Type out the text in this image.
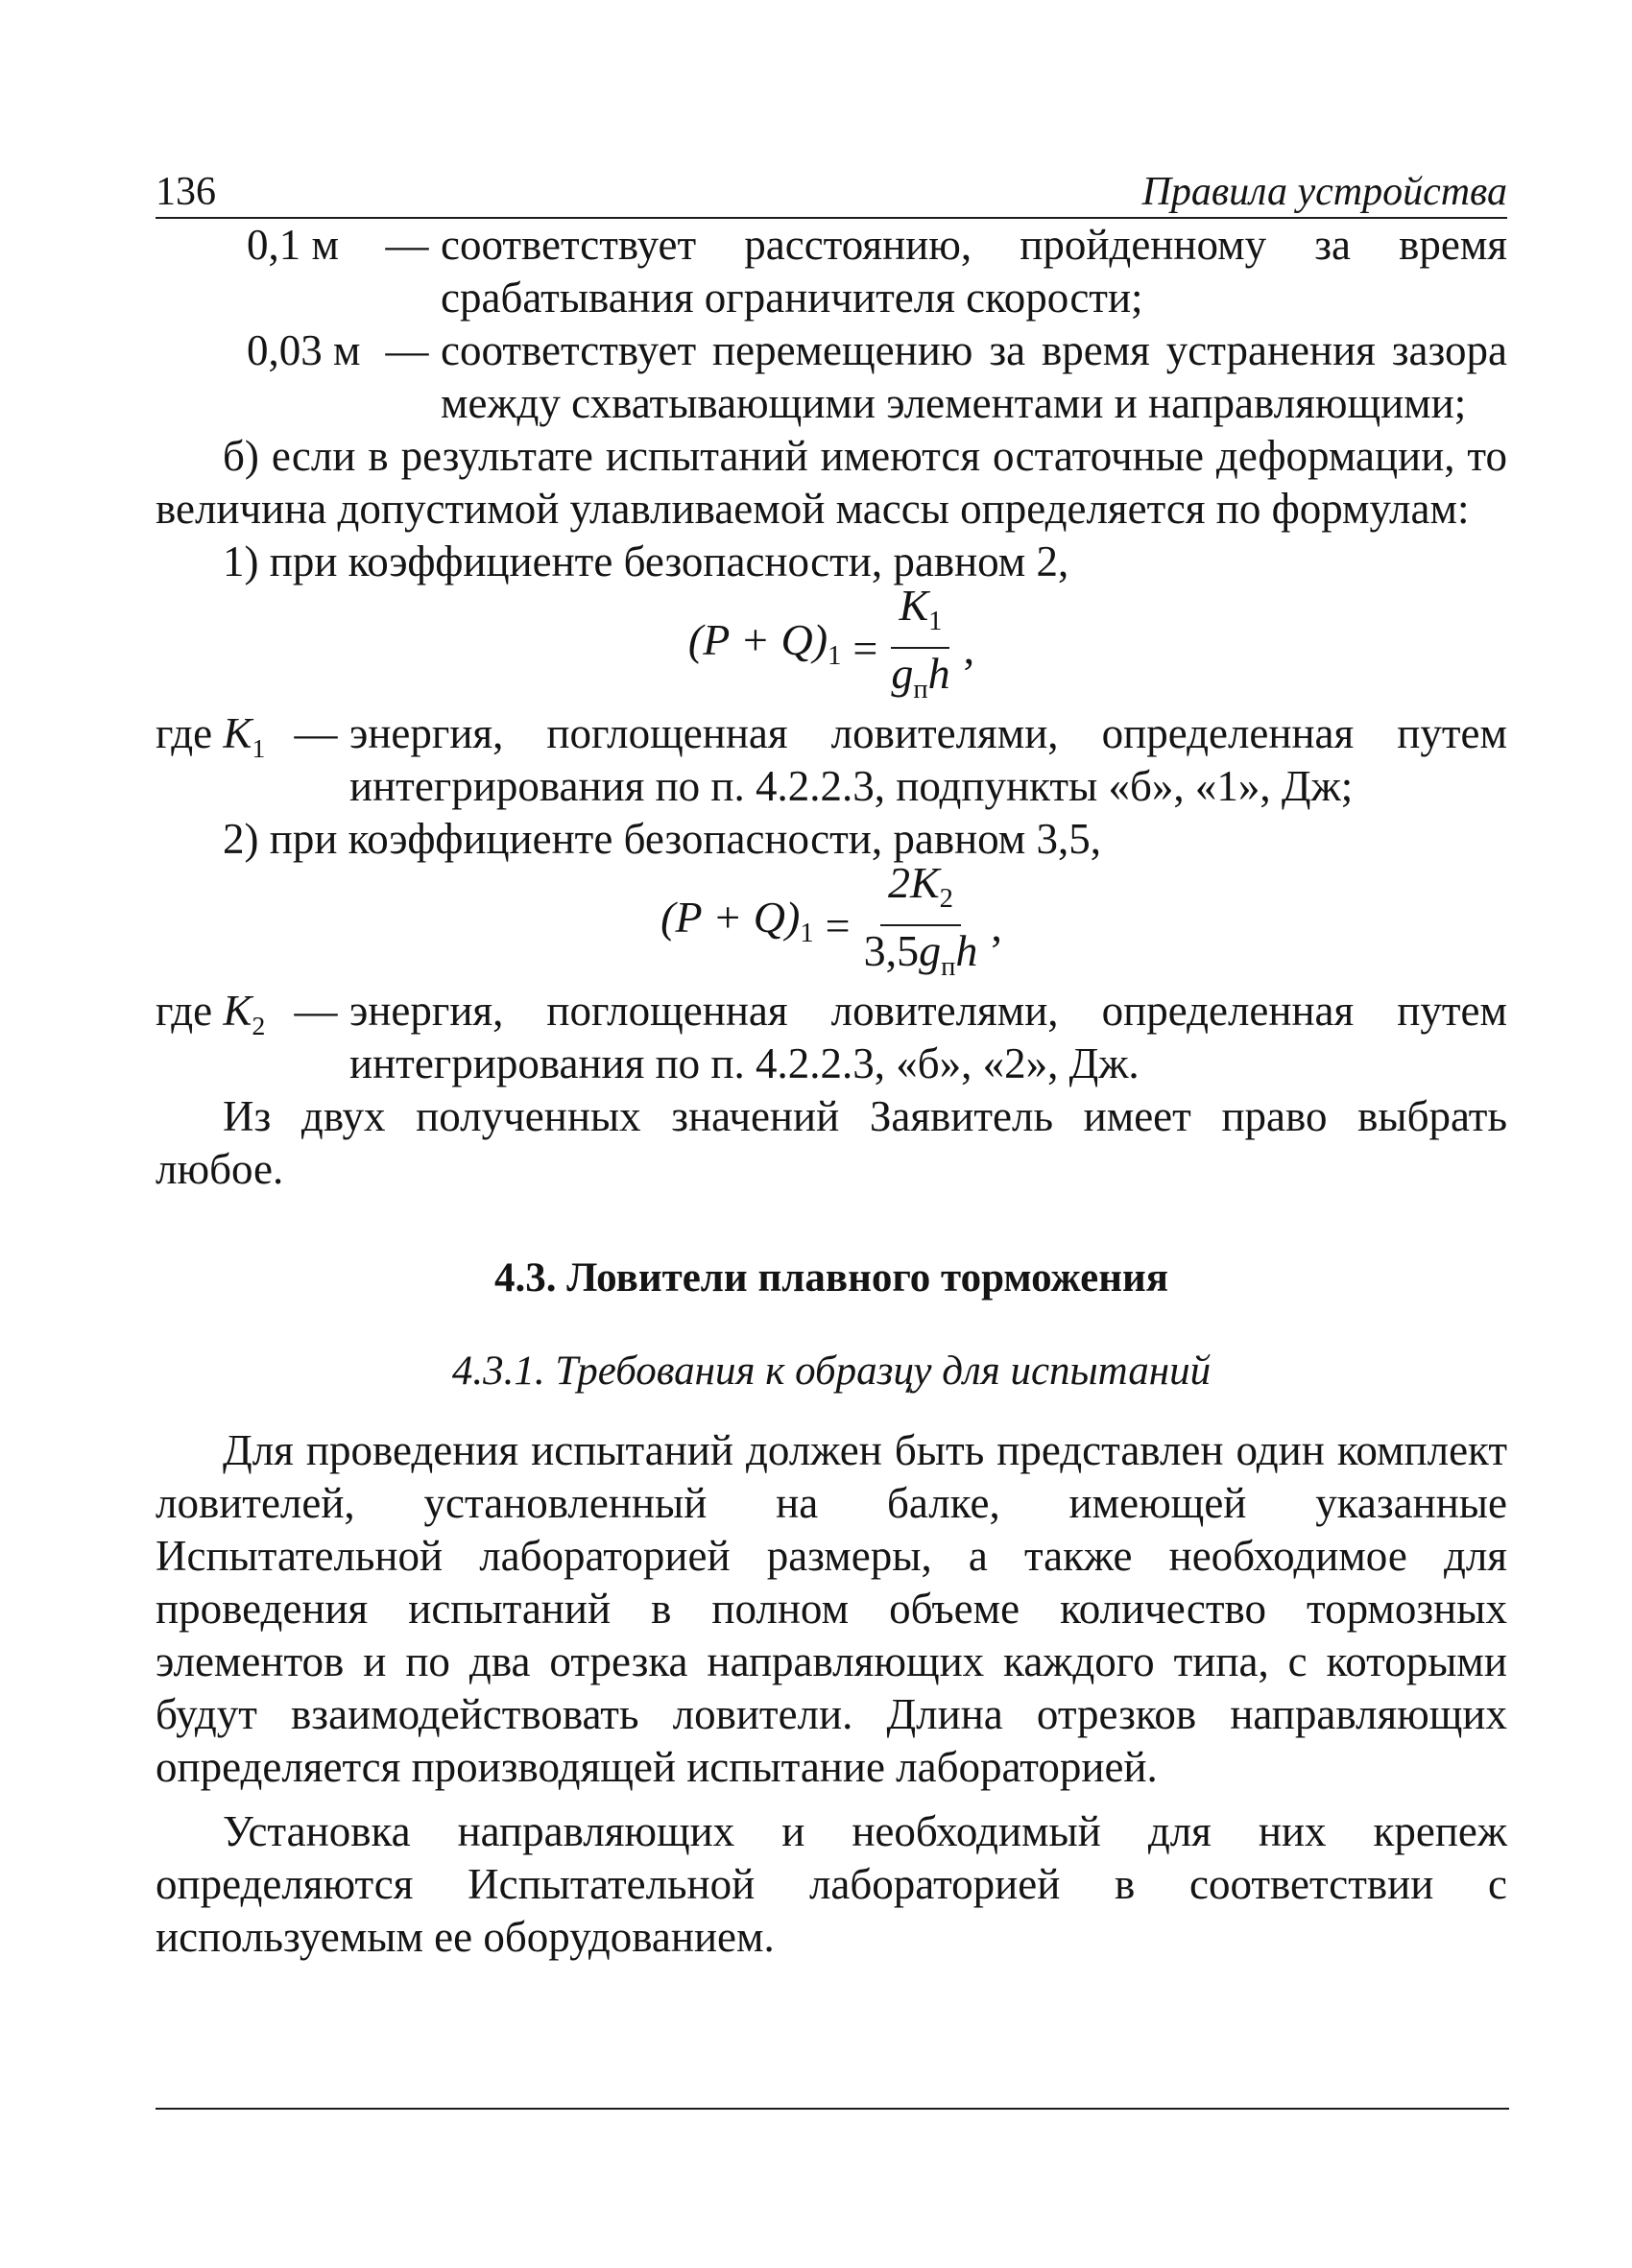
136	Правила устройства
0,1 м	— соответствует расстоянию, пройденному за время срабатывания ограничителя скорости;
0,03 м — соответствует перемещению за время устранения зазора между схватывающими элементами и направляющими;

б) если в результате испытаний имеются остаточные деформации, то величина допустимой улавливаемой массы определяется по формулам:

1) при коэффициенте безопасности, равном 2,

$(P + Q)_1 = \frac{K_1}{g_пh}$ ,
где $K_1$ — энергия, поглощенная ловителями, определенная путем интегрирования по п. 4.2.2.3, подпункты «б», «1», Дж;

2) при коэффициенте безопасности, равном 3,5,

$(P + Q)_1 = \frac{2K_2}{3,5g_пh}$ ,
где $K_2$ — энергия, поглощенная ловителями, определенная путем интегрирования по п. 4.2.2.3, «б», «2», Дж.

Из двух полученных значений Заявитель имеет право выбрать любое.

4.3. Ловители плавного торможения
4.3.1. Требования к образцу для испытаний

Для проведения испытаний должен быть представлен один комплект ловителей, установленный на балке, имеющей указанные Испытательной лабораторией размеры, а также необходимое для проведения испытаний в полном объеме количество тормозных элементов и по два отрезка направляющих каждого типа, с которыми будут взаимодействовать ловители. Длина отрезков направляющих определяется производящей испытание лабораторией.

Установка направляющих и необходимый для них крепеж определяются Испытательной лабораторией в соответствии с используемым ее оборудованием.
